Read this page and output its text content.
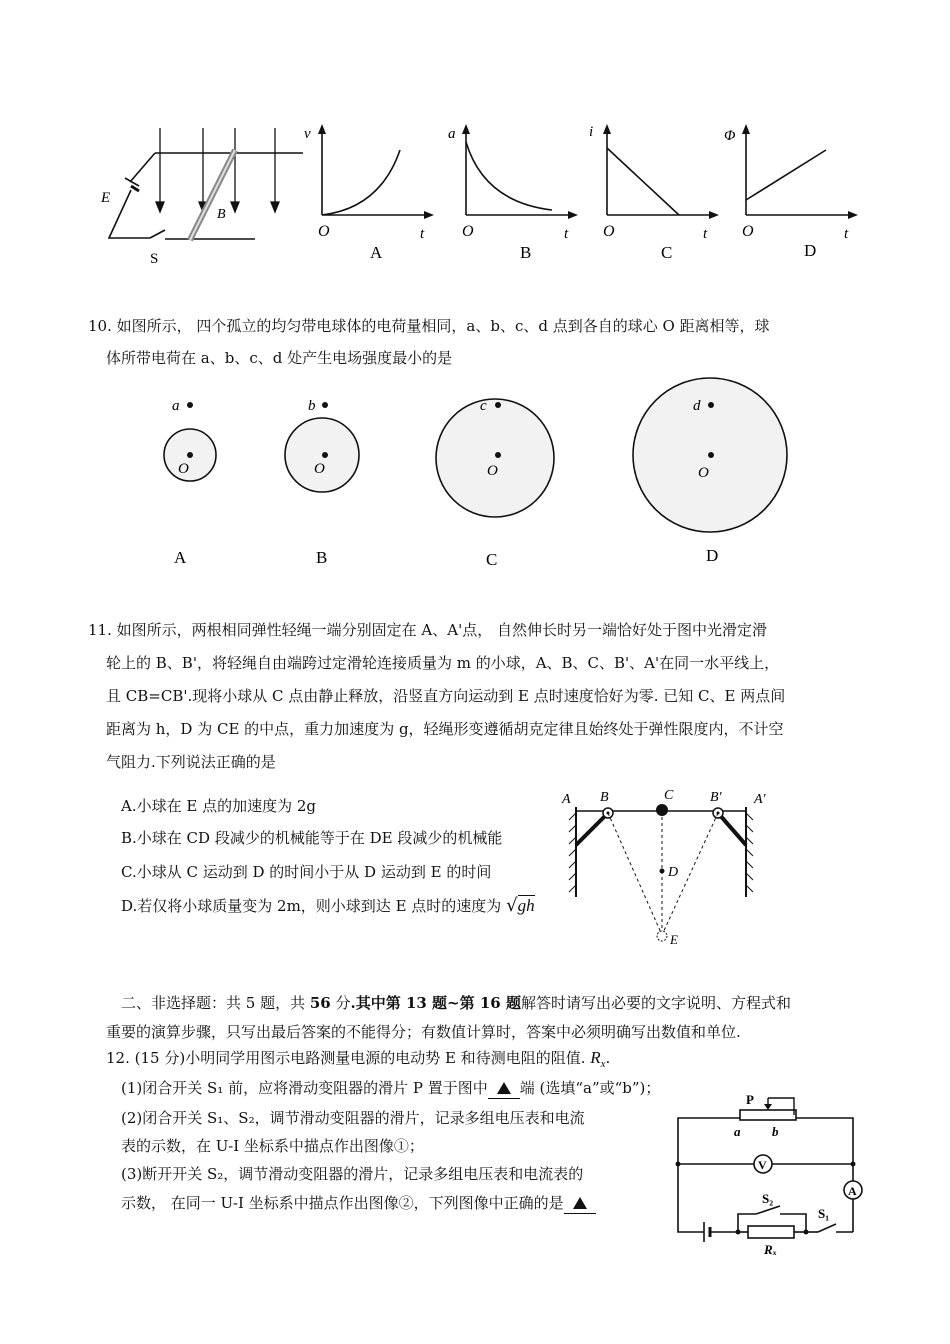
E
B
S
v
O	t
A
a
O	t
B
i
O	t
C
Φ
O	t
D
10. 如图所示， 四个孤立的均匀带电球体的电荷量相同，a、b、c、d 点到各自的球心 O 距离相等，球
体所带电荷在 a、b、c、d 处产生电场强度最小的是
a
O
A
b
O
B
c
O
C
d
O
D
11. 如图所示，两根相同弹性轻绳一端分别固定在 A、A'点， 自然伸长时另一端恰好处于图中光滑定滑
轮上的 B、B'，将轻绳自由端跨过定滑轮连接质量为 m 的小球，A、B、C、B'、A'在同一水平线上，
且 CB=CB'.现将小球从 C 点由静止释放，沿竖直方向运动到 E 点时速度恰好为零. 已知 C、E 两点间
距离为 h，D 为 CE 的中点，重力加速度为 g，轻绳形变遵循胡克定律且始终处于弹性限度内，不计空
气阻力.下列说法正确的是
A.小球在 E 点的加速度为 2g
B.小球在 CD 段减少的机械能等于在 DE 段减少的机械能
C.小球从 C 运动到 D 的时间小于从 D 运动到 E 的时间
D.若仅将小球质量变为 2m，则小球到达 E 点时的速度为 √gh
A B	C	B' A'
D
E
二、非选择题：共 5 题，共 56 分.其中第 13 题~第 16 题解答时请写出必要的文字说明、方程式和
重要的演算步骤，只写出最后答案的不能得分；有数值计算时，答案中必须明确写出数值和单位.
12. (15 分)小明同学用图示电路测量电源的电动势 E 和待测电阻的阻值. $R_x$.
(1)闭合开关 S₁ 前，应将滑动变阻器的滑片 P 置于图中 端 (选填“a”或“b”)；
(2)闭合开关 S₁、S₂，调节滑动变阻器的滑片，记录多组电压表和电流
表的示数，在 U-I 坐标系中描点作出图像①；
(3)断开开关 S₂，调节滑动变阻器的滑片，记录多组电压表和电流表的
示数， 在同一 U-I 坐标系中描点作出图像②，下列图像中正确的是
P
a b
V
A
S₂
S₁
Rₓ
